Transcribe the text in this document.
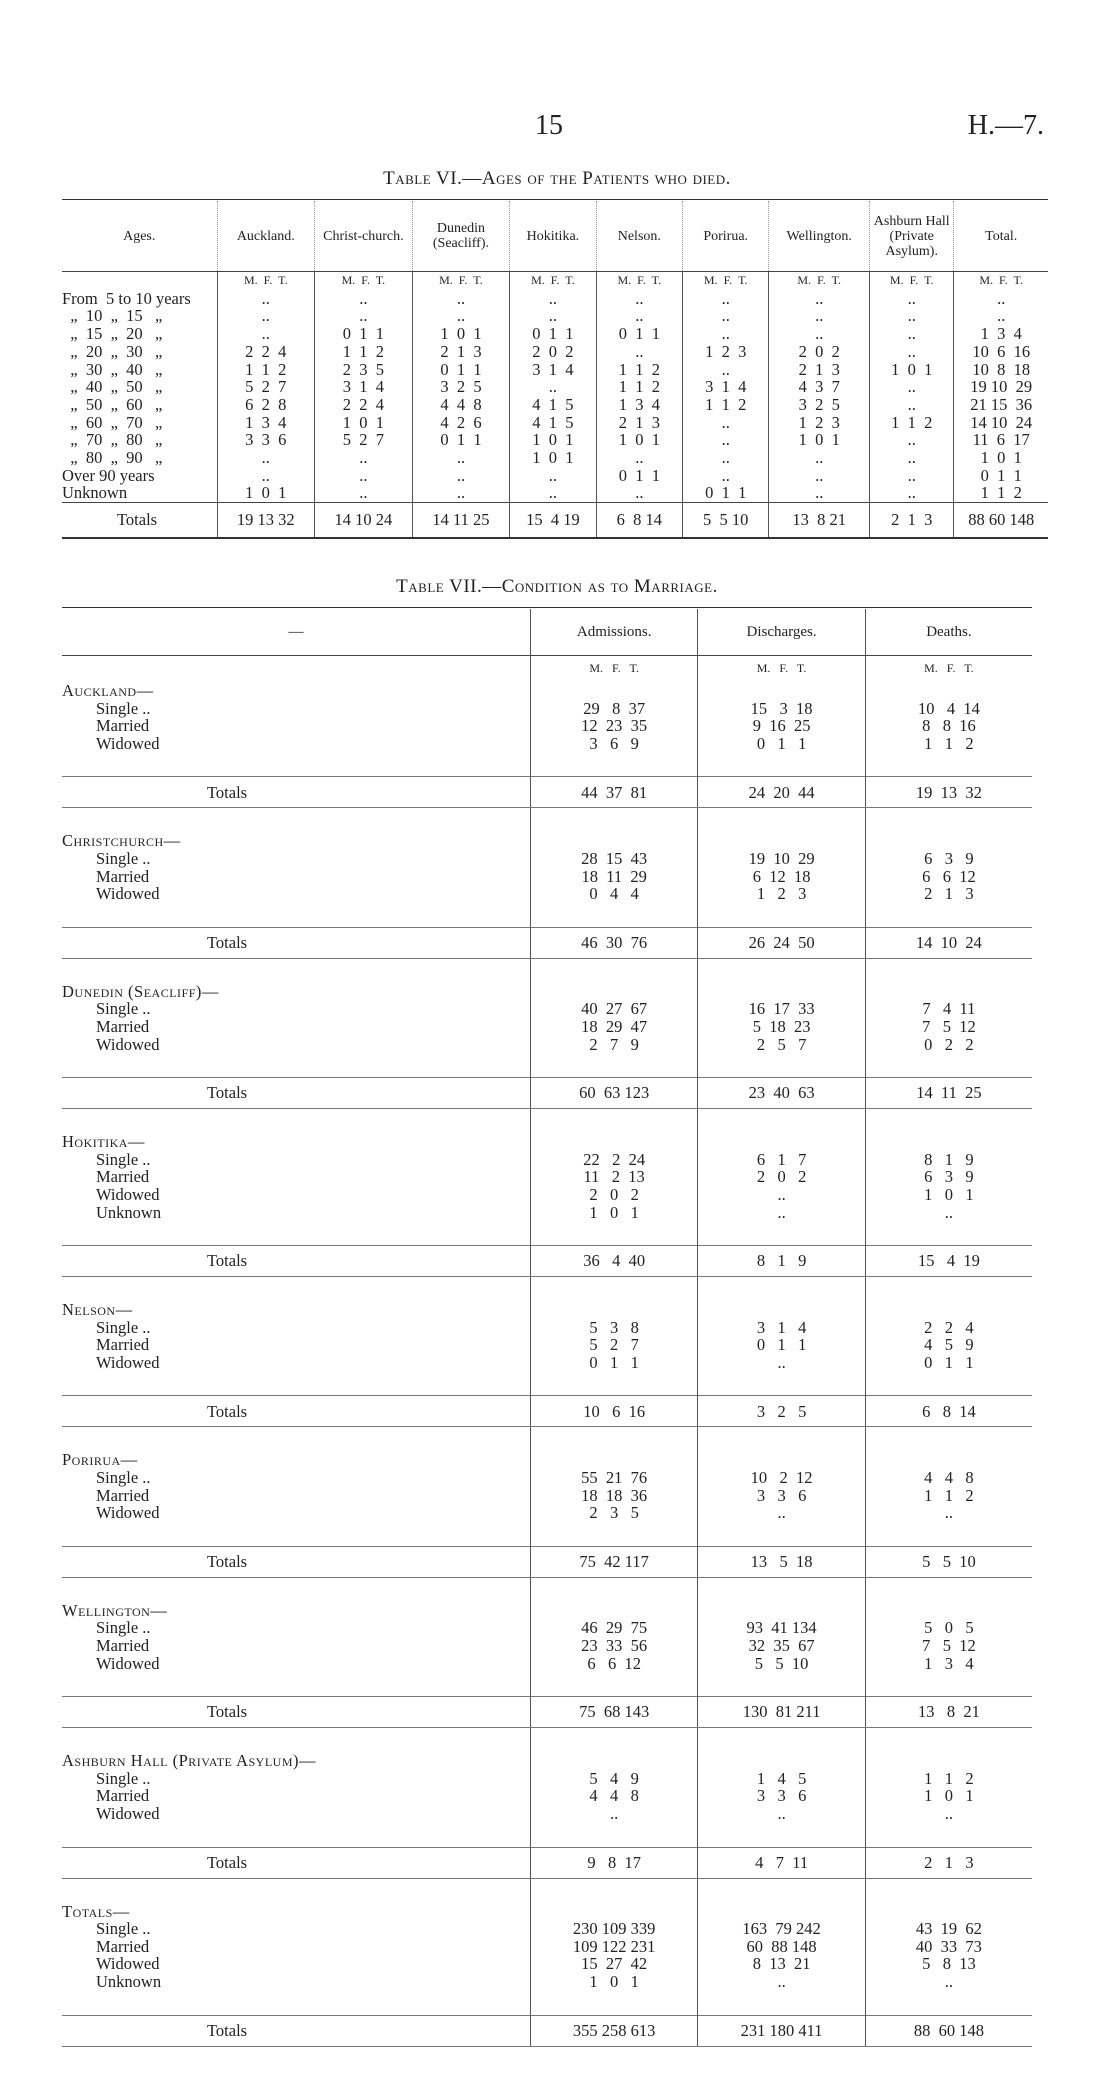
15	H.—7.
Table VI.—Ages of the Patients who died.
Ages.	Auckland.	Christ-church.	Dunedin (Seacliff).	Hokitika.	Nelson.	Porirua.	Wellington.	Ashburn Hall (Private Asylum).	Total.
	M.  F.  T.	M.  F.  T.	M.  F.  T.	M.  F.  T.	M.  F.  T.	M.  F.  T.	M.  F.  T.	M.  F.  T.	M.  F.  T.
From  5 to 10 years	..	..	..	..	..	..	..	..	..
„  10  „  15   „	..	..	..	..	..	..	..	..	..
„  15  „  20   „	..	0  1  1	1  0  1	0  1  1	0  1  1	..	..	..	1  3  4
„  20  „  30   „	2  2  4	1  1  2	2  1  3	2  0  2	..	1  2  3	2  0  2	..	10  6  16
„  30  „  40   „	1  1  2	2  3  5	0  1  1	3  1  4	1  1  2	..	2  1  3	1  0  1	10  8  18
„  40  „  50   „	5  2  7	3  1  4	3  2  5	..	1  1  2	3  1  4	4  3  7	..	19 10  29
„  50  „  60   „	6  2  8	2  2  4	4  4  8	4  1  5	1  3  4	1  1  2	3  2  5	..	21 15  36
„  60  „  70   „	1  3  4	1  0  1	4  2  6	4  1  5	2  1  3	..	1  2  3	1  1  2	14 10  24
„  70  „  80   „	3  3  6	5  2  7	0  1  1	1  0  1	1  0  1	..	1  0  1	..	11  6  17
„  80  „  90   „	..	..	..	1  0  1	..	..	..	..	1  0  1
Over 90 years	..	..	..	..	0  1  1	..	..	..	0  1  1
Unknown	1  0  1	..	..	..	..	0  1  1	..	..	1  1  2
Totals	19 13 32	14 10 24	14 11 25	15  4 19	6  8 14	5  5 10	13  8 21	2  1  3	88 60 148
Table VII.—Condition as to Marriage.
—	Admissions.	Discharges.	Deaths.
	M.   F.   T.	M.   F.   T.	M.   F.   T.
Auckland—			
Single ..	29   8  37	15   3  18	10   4  14
Married	12  23  35	9  16  25	8   8  16
Widowed	3   6   9	0   1   1	1   1   2

Totals	44  37  81	24  20  44	19  13  32

Christchurch—			
Single ..	28  15  43	19  10  29	6   3   9
Married	18  11  29	6  12  18	6   6  12
Widowed	0   4   4	1   2   3	2   1   3

Totals	46  30  76	26  24  50	14  10  24

Dunedin (Seacliff)—			
Single ..	40  27  67	16  17  33	7   4  11
Married	18  29  47	5  18  23	7   5  12
Widowed	2   7   9	2   5   7	0   2   2

Totals	60  63 123	23  40  63	14  11  25

Hokitika—			
Single ..	22   2  24	6   1   7	8   1   9
Married	11   2  13	2   0   2	6   3   9
Widowed	2   0   2	..	1   0   1
Unknown	1   0   1	..	..

Totals	36   4  40	8   1   9	15   4  19

Nelson—			
Single ..	5   3   8	3   1   4	2   2   4
Married	5   2   7	0   1   1	4   5   9
Widowed	0   1   1	..	0   1   1

Totals	10   6  16	3   2   5	6   8  14

Porirua—			
Single ..	55  21  76	10   2  12	4   4   8
Married	18  18  36	3   3   6	1   1   2
Widowed	2   3   5	..	..

Totals	75  42 117	13   5  18	5   5  10

Wellington—			
Single ..	46  29  75	93  41 134	5   0   5
Married	23  33  56	32  35  67	7   5  12
Widowed	6   6  12	5   5  10	1   3   4

Totals	75  68 143	130  81 211	13   8  21

Ashburn Hall (Private Asylum)—			
Single ..	5   4   9	1   4   5	1   1   2
Married	4   4   8	3   3   6	1   0   1
Widowed	..	..	..

Totals	9   8  17	4   7  11	2   1   3

Totals—			
Single ..	230 109 339	163  79 242	43  19  62
Married	109 122 231	60  88 148	40  33  73
Widowed	15  27  42	8  13  21	5   8  13
Unknown	1   0   1	..	..

Totals	355 258 613	231 180 411	88  60 148
